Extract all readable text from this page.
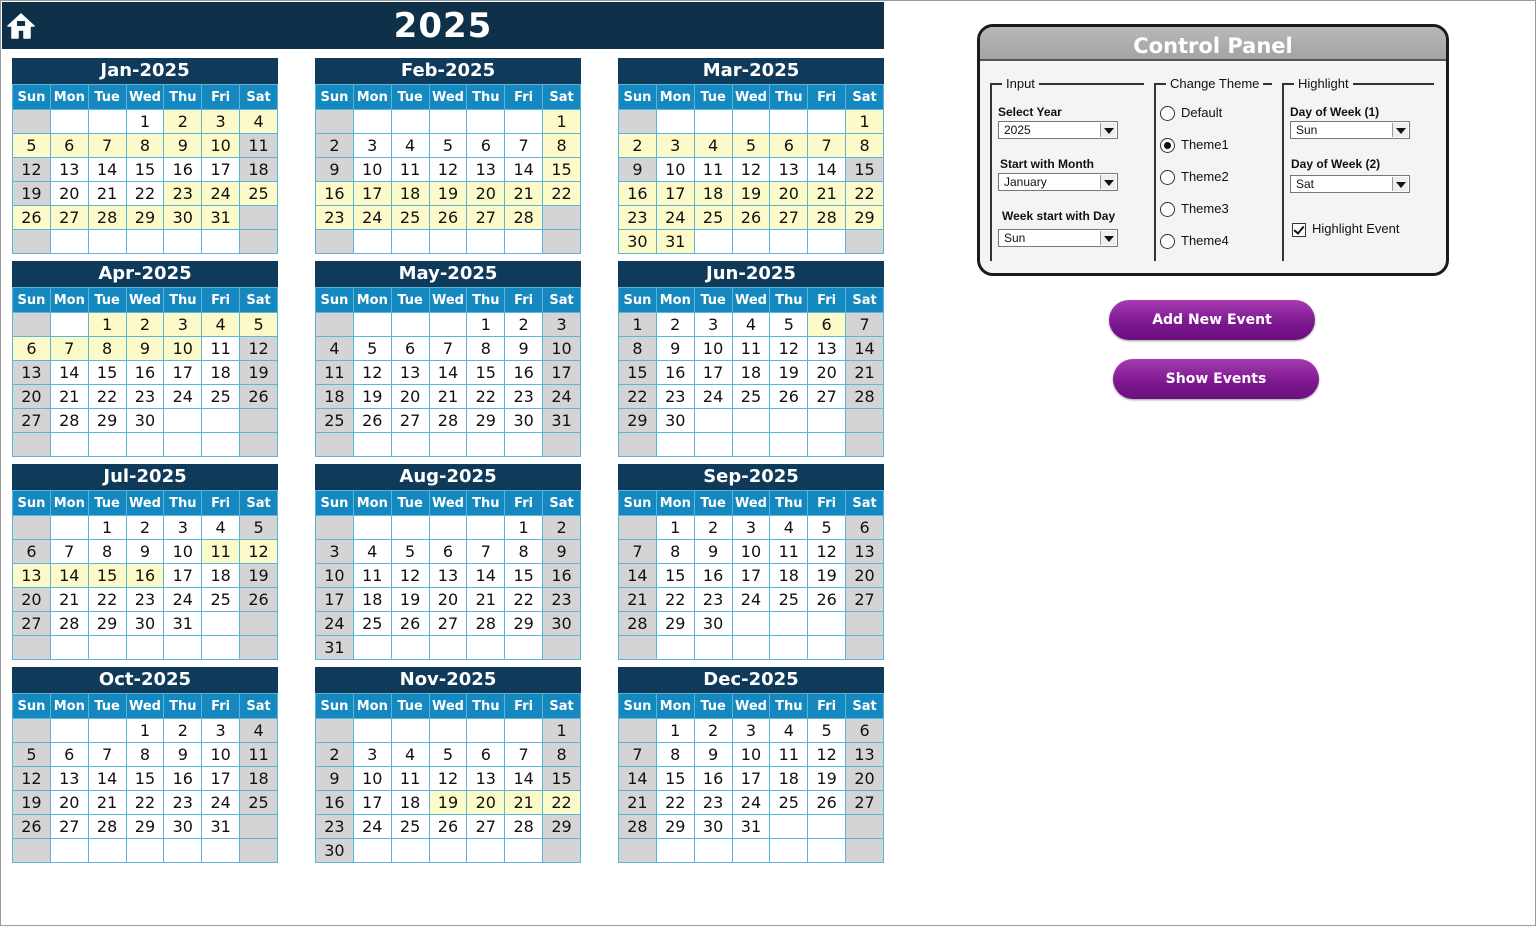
2025
Jan-2025
Sun	Mon	Tue	Wed	Thu	Fri	Sat
			1	2	3	4
5	6	7	8	9	10	11
12	13	14	15	16	17	18
19	20	21	22	23	24	25
26	27	28	29	30	31	

Feb-2025
Sun	Mon	Tue	Wed	Thu	Fri	Sat
						1
2	3	4	5	6	7	8
9	10	11	12	13	14	15
16	17	18	19	20	21	22
23	24	25	26	27	28	

Mar-2025
Sun	Mon	Tue	Wed	Thu	Fri	Sat
						1
2	3	4	5	6	7	8
9	10	11	12	13	14	15
16	17	18	19	20	21	22
23	24	25	26	27	28	29
30	31					
Apr-2025
Sun	Mon	Tue	Wed	Thu	Fri	Sat
		1	2	3	4	5
6	7	8	9	10	11	12
13	14	15	16	17	18	19
20	21	22	23	24	25	26
27	28	29	30			

May-2025
Sun	Mon	Tue	Wed	Thu	Fri	Sat
				1	2	3
4	5	6	7	8	9	10
11	12	13	14	15	16	17
18	19	20	21	22	23	24
25	26	27	28	29	30	31

Jun-2025
Sun	Mon	Tue	Wed	Thu	Fri	Sat
1	2	3	4	5	6	7
8	9	10	11	12	13	14
15	16	17	18	19	20	21
22	23	24	25	26	27	28
29	30					

Jul-2025
Sun	Mon	Tue	Wed	Thu	Fri	Sat
		1	2	3	4	5
6	7	8	9	10	11	12
13	14	15	16	17	18	19
20	21	22	23	24	25	26
27	28	29	30	31		

Aug-2025
Sun	Mon	Tue	Wed	Thu	Fri	Sat
					1	2
3	4	5	6	7	8	9
10	11	12	13	14	15	16
17	18	19	20	21	22	23
24	25	26	27	28	29	30
31						
Sep-2025
Sun	Mon	Tue	Wed	Thu	Fri	Sat
	1	2	3	4	5	6
7	8	9	10	11	12	13
14	15	16	17	18	19	20
21	22	23	24	25	26	27
28	29	30				

Oct-2025
Sun	Mon	Tue	Wed	Thu	Fri	Sat
			1	2	3	4
5	6	7	8	9	10	11
12	13	14	15	16	17	18
19	20	21	22	23	24	25
26	27	28	29	30	31	

Nov-2025
Sun	Mon	Tue	Wed	Thu	Fri	Sat
						1
2	3	4	5	6	7	8
9	10	11	12	13	14	15
16	17	18	19	20	21	22
23	24	25	26	27	28	29
30						
Dec-2025
Sun	Mon	Tue	Wed	Thu	Fri	Sat
	1	2	3	4	5	6
7	8	9	10	11	12	13
14	15	16	17	18	19	20
21	22	23	24	25	26	27
28	29	30	31			

Control Panel
Input
Select Year
2025
Start with Month
January
Week start with Day
Sun
Change Theme
Default
Theme1
Theme2
Theme3
Theme4
Highlight
Day of Week (1)
Sun
Day of Week (2)
Sat
Highlight Event
Add New Event
Show Events
